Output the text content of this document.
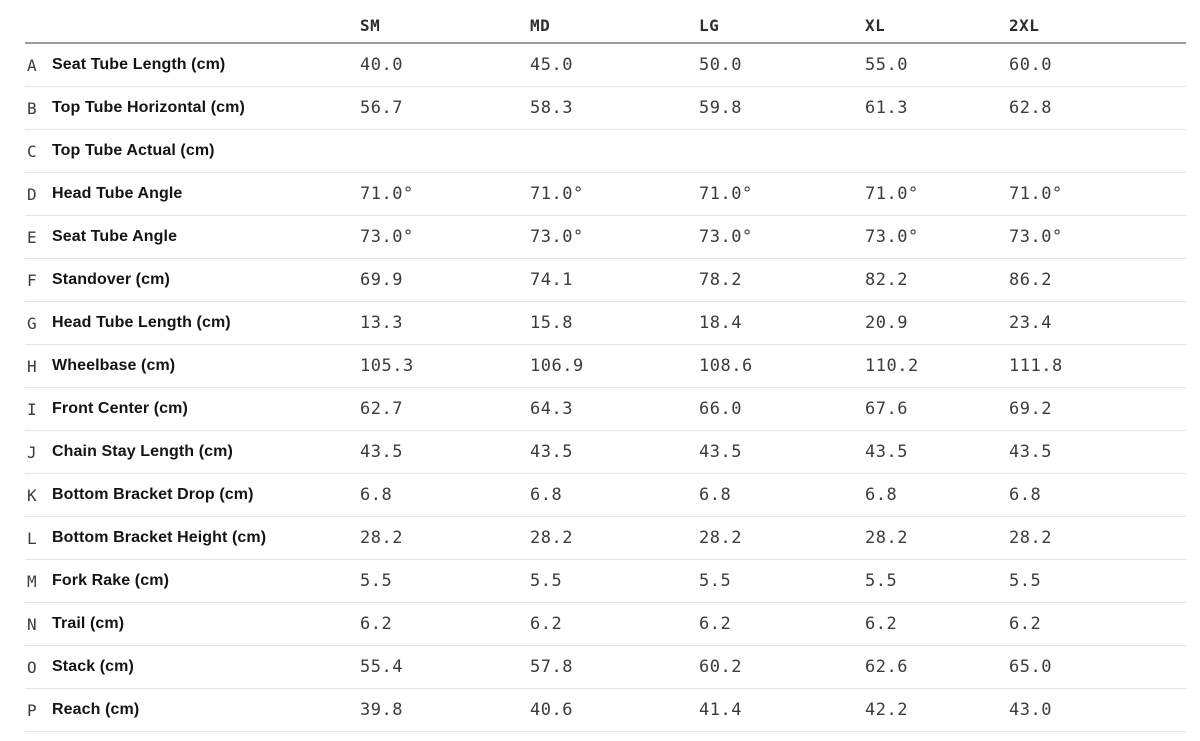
		SM	MD	LG	XL	2XL
A	Seat Tube Length (cm)	40.0	45.0	50.0	55.0	60.0
B	Top Tube Horizontal (cm)	56.7	58.3	59.8	61.3	62.8
C	Top Tube Actual (cm)					
D	Head Tube Angle	71.0°	71.0°	71.0°	71.0°	71.0°
E	Seat Tube Angle	73.0°	73.0°	73.0°	73.0°	73.0°
F	Standover (cm)	69.9	74.1	78.2	82.2	86.2
G	Head Tube Length (cm)	13.3	15.8	18.4	20.9	23.4
H	Wheelbase (cm)	105.3	106.9	108.6	110.2	111.8
I	Front Center (cm)	62.7	64.3	66.0	67.6	69.2
J	Chain Stay Length (cm)	43.5	43.5	43.5	43.5	43.5
K	Bottom Bracket Drop (cm)	6.8	6.8	6.8	6.8	6.8
L	Bottom Bracket Height (cm)	28.2	28.2	28.2	28.2	28.2
M	Fork Rake (cm)	5.5	5.5	5.5	5.5	5.5
N	Trail (cm)	6.2	6.2	6.2	6.2	6.2
O	Stack (cm)	55.4	57.8	60.2	62.6	65.0
P	Reach (cm)	39.8	40.6	41.4	42.2	43.0
